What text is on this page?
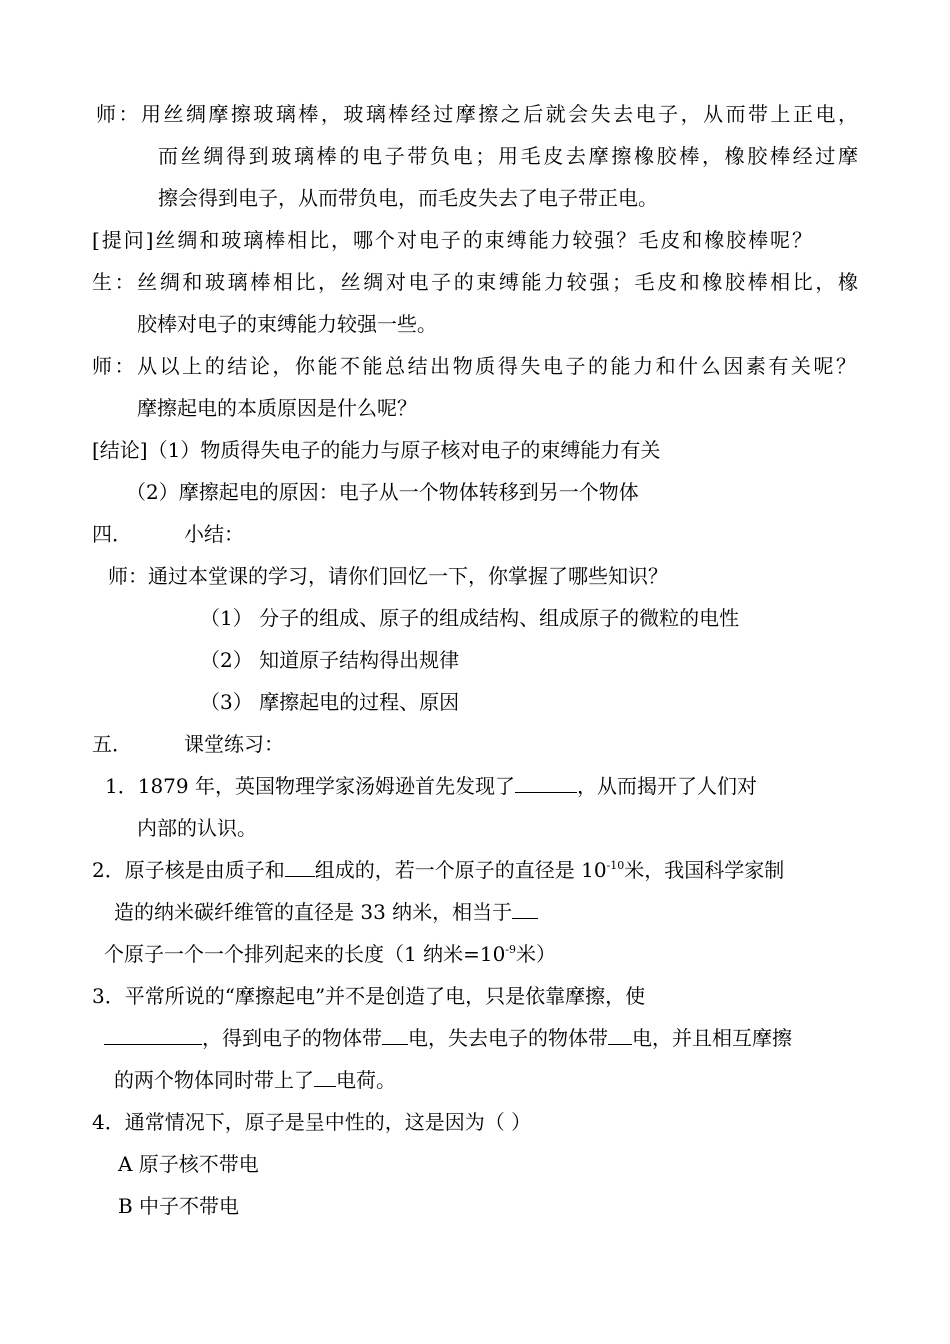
师：用丝绸摩擦玻璃棒，玻璃棒经过摩擦之后就会失去电子，从而带上正电，
而丝绸得到玻璃棒的电子带负电；用毛皮去摩擦橡胶棒，橡胶棒经过摩
擦会得到电子，从而带负电，而毛皮失去了电子带正电。
[提问]丝绸和玻璃棒相比，哪个对电子的束缚能力较强？毛皮和橡胶棒呢？
生：丝绸和玻璃棒相比，丝绸对电子的束缚能力较强；毛皮和橡胶棒相比，橡
胶棒对电子的束缚能力较强一些。
师：从以上的结论，你能不能总结出物质得失电子的能力和什么因素有关呢？
摩擦起电的本质原因是什么呢？
[结论]（1）物质得失电子的能力与原子核对电子的束缚能力有关
（2）摩擦起电的原因：电子从一个物体转移到另一个物体
四．	小结：
师：通过本堂课的学习，请你们回忆一下，你掌握了哪些知识？
（1） 分子的组成、原子的组成结构、组成原子的微粒的电性
（2） 知道原子结构得出规律
（3） 摩擦起电的过程、原因
五．	课堂练习：
1．1879 年，英国物理学家汤姆逊首先发现了	，从而揭开了人们对
内部的认识。
2．原子核是由质子和 组成的，若一个原子的直径是 $10^{-10}$米，我国科学家制
造的纳米碳纤维管的直径是 33 纳米，相当于
个原子一个一个排列起来的长度（1 纳米$=10^{-9}$米）
3．平常所说的“摩擦起电”并不是创造了电，只是依靠摩擦，使
，得到电子的物体带 电，失去电子的物体带 电，并且相互摩擦
的两个物体同时带上了 电荷。
4．通常情况下，原子是呈中性的，这是因为（ ）
A 原子核不带电
B 中子不带电
